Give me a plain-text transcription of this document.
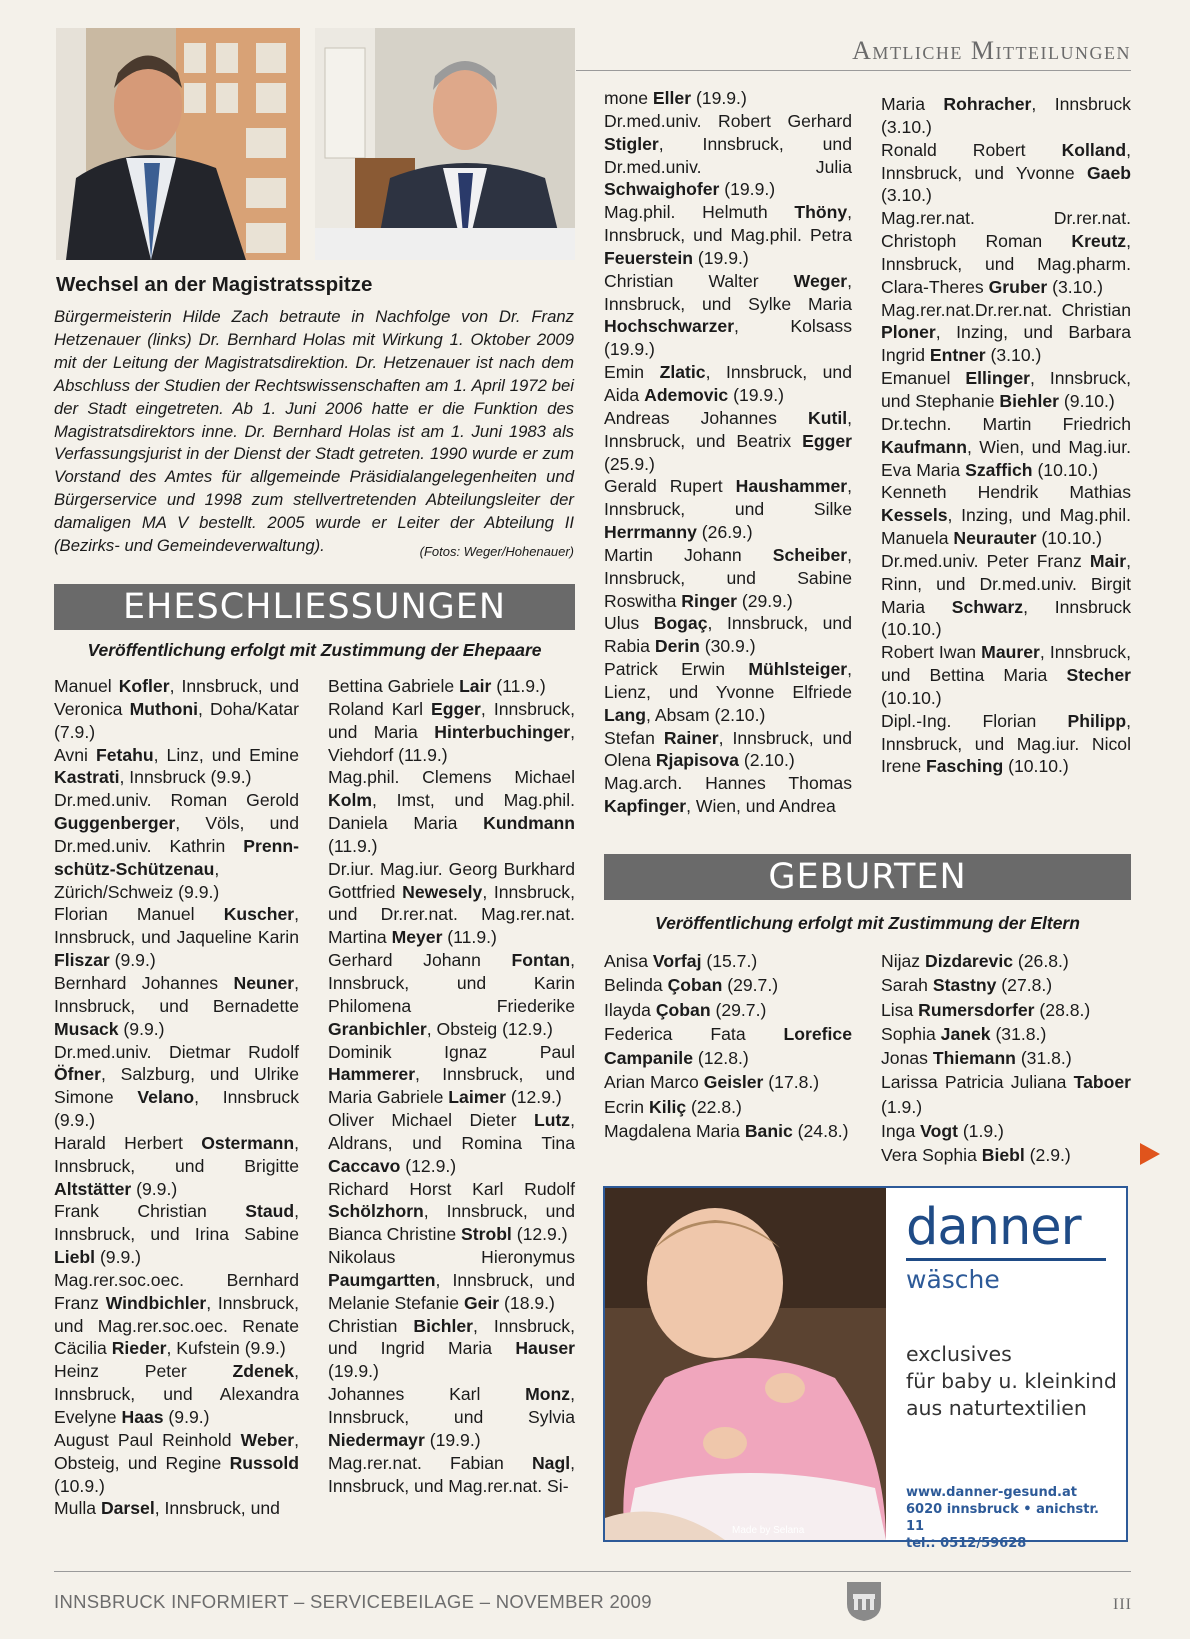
Amtliche Mitteilungen
Wechsel an der Magistratsspitze
Bürgermeisterin Hilde Zach betraute in Nachfolge von Dr. Franz Hetzenauer (links) Dr. Bernhard Holas mit Wirkung 1. Oktober 2009 mit der Leitung der Magistratsdirektion. Dr. Hetzenauer ist nach dem Abschluss der Studien der Rechtswissenschaften am 1. April 1972 bei der Stadt eingetreten. Ab 1. Juni 2006 hatte er die Funktion des Magistratsdirektors inne. Dr. Bernhard Holas ist am 1. Juni 1983 als Verfassungsjurist in der Dienst der Stadt getreten. 1990 wurde er zum Vorstand des Amtes für allgemeinde Präsidialangelegenheiten und Bürgerservice und 1998 zum stellvertretenden Abteilungsleiter der damaligen MA V bestellt. 2005 wurde er Leiter der Abteilung II (Bezirks- und Gemeindeverwaltung).	(Fotos: Weger/Hohenauer)
EHESCHLIESSUNGEN
Veröffentlichung erfolgt mit Zustimmung der Ehepaare
Manuel Kofler, Innsbruck, und Veronica Muthoni, Doha/Katar (7.9.)
Avni Fetahu, Linz, und Emine Kastrati, Innsbruck (9.9.)
Dr.med.univ. Roman Gerold Guggenberger, Völs, und Dr.med.univ. Kathrin Prenn-schütz-Schützenau, Zürich/Schweiz (9.9.)
Florian Manuel Kuscher, Innsbruck, und Jaqueline Karin Fliszar (9.9.)
Bernhard Johannes Neuner, Innsbruck, und Bernadette Musack (9.9.)
Dr.med.univ. Dietmar Rudolf Öfner, Salzburg, und Ulrike Simone Velano, Innsbruck (9.9.)
Harald Herbert Ostermann, Innsbruck, und Brigitte Altstätter (9.9.)
Frank Christian Staud, Innsbruck, und Irina Sabine Liebl (9.9.)
Mag.rer.soc.oec. Bernhard Franz Windbichler, Innsbruck, und Mag.rer.soc.oec. Renate Cäcilia Rieder, Kufstein (9.9.)
Heinz Peter Zdenek, Innsbruck, und Alexandra Evelyne Haas (9.9.)
August Paul Reinhold Weber, Obsteig, und Regine Russold (10.9.)
Mulla Darsel, Innsbruck, und
Bettina Gabriele Lair (11.9.)
Roland Karl Egger, Innsbruck, und Maria Hinterbuchinger, Viehdorf (11.9.)
Mag.phil. Clemens Michael Kolm, Imst, und Mag.phil. Daniela Maria Kundmann (11.9.)
Dr.iur. Mag.iur. Georg Burkhard Gottfried Newesely, Innsbruck, und Dr.rer.nat. Mag.rer.nat. Martina Meyer (11.9.)
Gerhard Johann Fontan, Innsbruck, und Karin Philomena Friederike Granbichler, Obsteig (12.9.)
Dominik Ignaz Paul Hammerer, Innsbruck, und Maria Gabriele Laimer (12.9.)
Oliver Michael Dieter Lutz, Aldrans, und Romina Tina Caccavo (12.9.)
Richard Horst Karl Rudolf Schölzhorn, Innsbruck, und Bianca Christine Strobl (12.9.)
Nikolaus Hieronymus Paumgartten, Innsbruck, und Melanie Stefanie Geir (18.9.)
Christian Bichler, Innsbruck, und Ingrid Maria Hauser (19.9.)
Johannes Karl Monz, Innsbruck, und Sylvia Niedermayr (19.9.)
Mag.rer.nat. Fabian Nagl, Innsbruck, und Mag.rer.nat. Si-
mone Eller (19.9.)
Dr.med.univ. Robert Gerhard Stigler, Innsbruck, und Dr.med.univ. Julia Schwaighofer (19.9.)
Mag.phil. Helmuth Thöny, Innsbruck, und Mag.phil. Petra Feuerstein (19.9.)
Christian Walter Weger, Innsbruck, und Sylke Maria Hochschwarzer, Kolsass (19.9.)
Emin Zlatic, Innsbruck, und Aida Ademovic (19.9.)
Andreas Johannes Kutil, Innsbruck, und Beatrix Egger (25.9.)
Gerald Rupert Haushammer, Innsbruck, und Silke Herrmanny (26.9.)
Martin Johann Scheiber, Innsbruck, und Sabine Roswitha Ringer (29.9.)
Ulus Bogaç, Innsbruck, und Rabia Derin (30.9.)
Patrick Erwin Mühlsteiger, Lienz, und Yvonne Elfriede Lang, Absam (2.10.)
Stefan Rainer, Innsbruck, und Olena Rjapisova (2.10.)
Mag.arch. Hannes Thomas Kapfinger, Wien, und Andrea
Maria Rohracher, Innsbruck (3.10.)
Ronald Robert Kolland, Innsbruck, und Yvonne Gaeb (3.10.)
Mag.rer.nat. Dr.rer.nat. Christoph Roman Kreutz, Innsbruck, und Mag.pharm. Clara-Theres Gruber (3.10.)
Mag.rer.nat.Dr.rer.nat. Christian Ploner, Inzing, und Barbara Ingrid Entner (3.10.)
Emanuel Ellinger, Innsbruck, und Stephanie Biehler (9.10.)
Dr.techn. Martin Friedrich Kaufmann, Wien, und Mag.iur. Eva Maria Szaffich (10.10.)
Kenneth Hendrik Mathias Kessels, Inzing, und Mag.phil. Manuela Neurauter (10.10.)
Dr.med.univ. Peter Franz Mair, Rinn, und Dr.med.univ. Birgit Maria Schwarz, Innsbruck (10.10.)
Robert Iwan Maurer, Innsbruck, und Bettina Maria Stecher (10.10.)
Dipl.-Ing. Florian Philipp, Innsbruck, und Mag.iur. Nicol Irene Fasching (10.10.)
GEBURTEN
Veröffentlichung erfolgt mit Zustimmung der Eltern
Anisa Vorfaj (15.7.)
Belinda Çoban (29.7.)
Ilayda Çoban (29.7.)
Federica Fata Lorefice Campanile (12.8.)
Arian Marco Geisler (17.8.)
Ecrin Kiliç (22.8.)
Magdalena Maria Banic (24.8.)
Nijaz Dizdarevic (26.8.)
Sarah Stastny (27.8.)
Lisa Rumersdorfer (28.8.)
Sophia Janek (31.8.)
Jonas Thiemann (31.8.)
Larissa Patricia Juliana Taboer (1.9.)
Inga Vogt (1.9.)
Vera Sophia Biebl (2.9.)
Made by Selana
danner
wäsche
exclusives
für baby u. kleinkind
aus naturtextilien
www.danner-gesund.at
6020 innsbruck • anichstr. 11
tel.: 0512/59628
INNSBRUCK INFORMIERT – SERVICEBEILAGE – NOVEMBER 2009	III
